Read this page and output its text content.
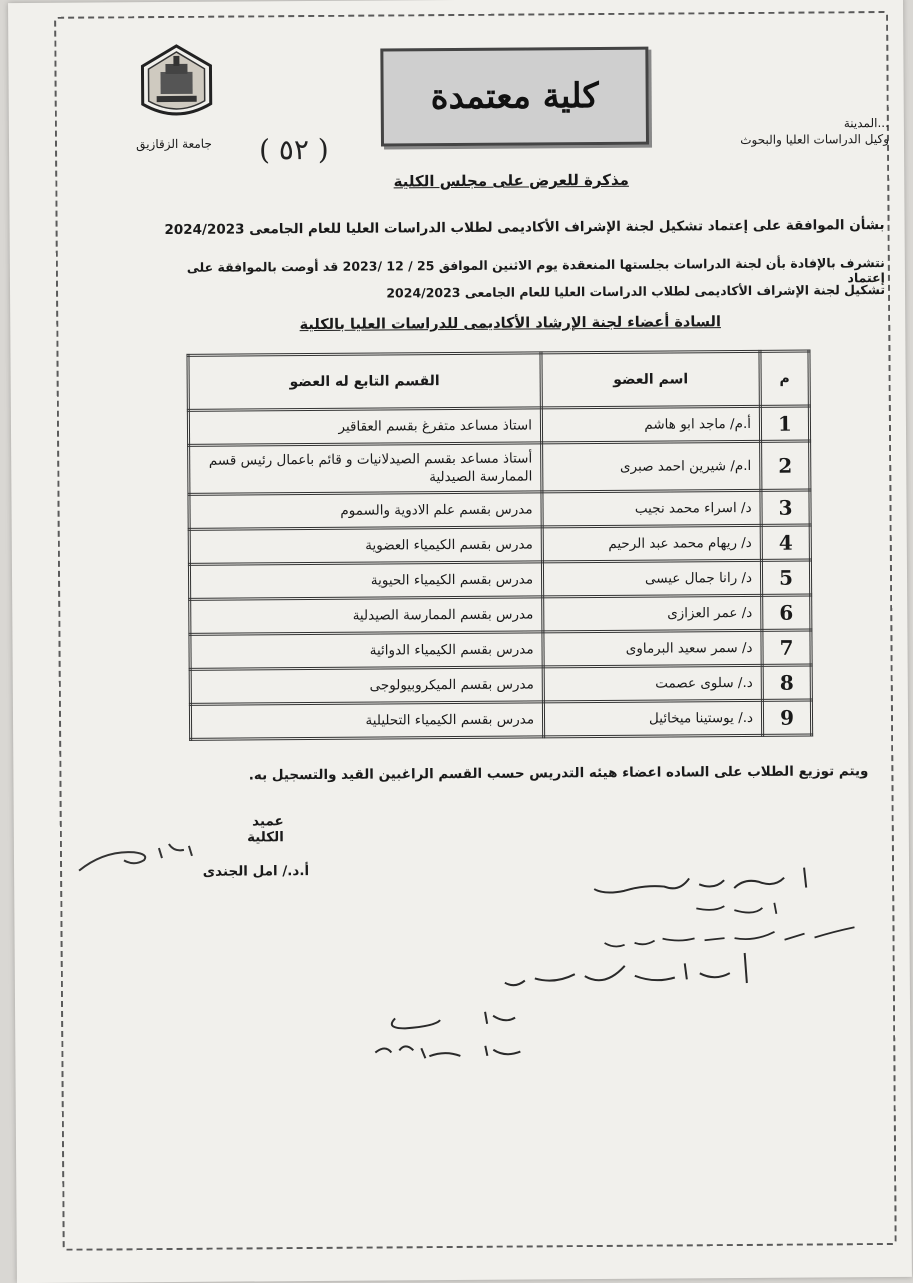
جامعة الزقازيق
كلية معتمدة
...المدينة
وكيل الدراسات العليا والبحوث
( ٥٢ )
مذكرة للعرض على مجلس الكلية
بشأن الموافقة على إعتماد تشكيل لجنة الإشراف الأكاديمى لطلاب الدراسات العليا للعام الجامعى 2024/2023
نتشرف بالإفادة بأن لجنة الدراسات بجلستها المنعقدة يوم الاثنين الموافق 25 / 12 /2023 قد أوصت بالموافقة على إعتماد
تشكيل لجنة الإشراف الأكاديمى لطلاب الدراسات العليا للعام الجامعى 2024/2023
السادة أعضاء لجنة الإرشاد الأكاديمى للدراسات العليا بالكلية
م	اسم العضو	القسم التابع له العضو
1	أ.م/ ماجد ابو هاشم	استاذ مساعد متفرغ بقسم العقاقير
2	ا.م/ شيرين احمد صبرى	أستاذ مساعد بقسم الصيدلانيات و قائم باعمال رئيس قسم الممارسة الصيدلية
3	د/ اسراء محمد نجيب	مدرس بقسم علم الادوية والسموم
4	د/ ريهام محمد عبد الرحيم	مدرس بقسم الكيمياء العضوية
5	د/ رانا جمال عيسى	مدرس بقسم الكيمياء الحيوية
6	د/ عمر العزازى	مدرس بقسم الممارسة الصيدلية
7	د/ سمر سعيد البرماوى	مدرس بقسم الكيمياء الدوائية
8	د./ سلوى عصمت	مدرس بقسم الميكروبيولوجى
9	د./ يوستينا ميخائيل	مدرس بقسم الكيمياء التحليلية
ويتم توزيع الطلاب على الساده اعضاء هيئه التدريس حسب القسم الراغبين القيد والتسجيل به.
عميد الكلية
أ.د./ امل الجندى
